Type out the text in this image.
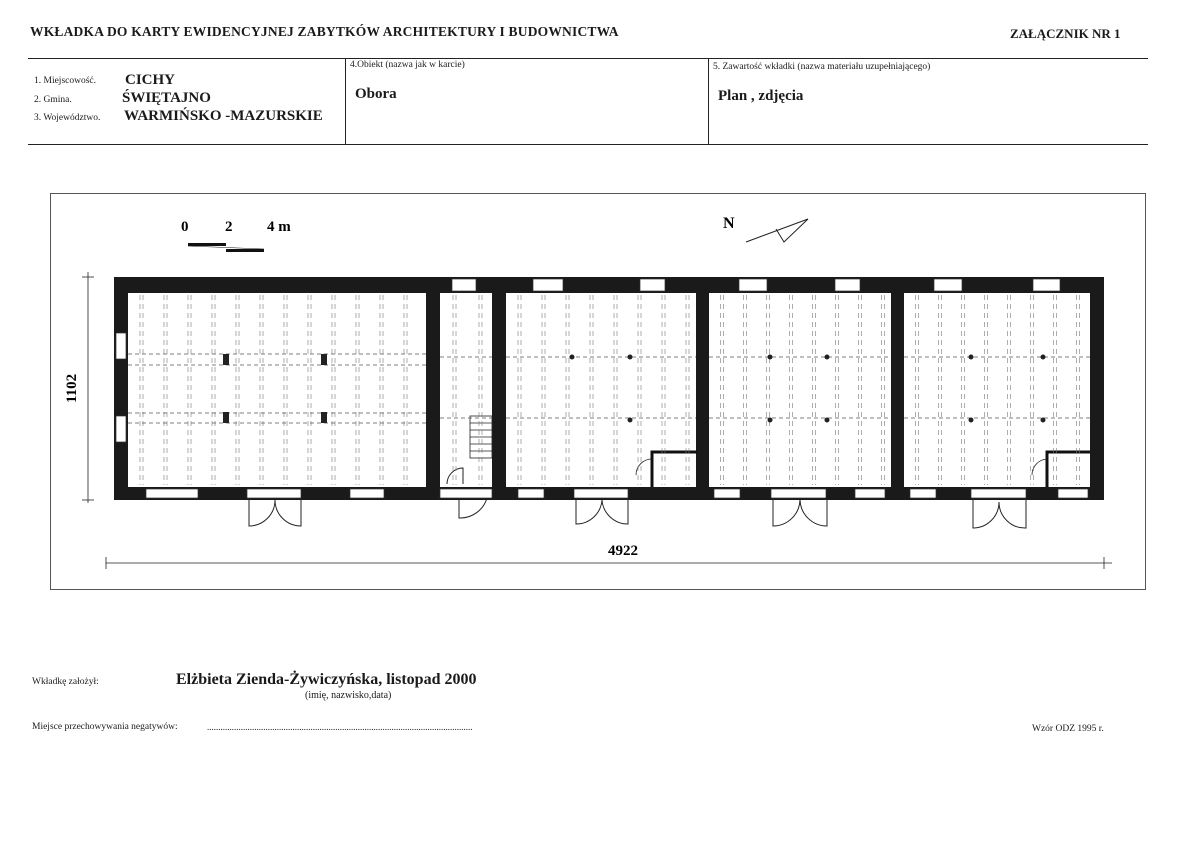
WKŁADKA DO KARTY EWIDENCYJNEJ ZABYTKÓW ARCHITEKTURY I BUDOWNICTWA	ZAŁĄCZNIK NR 1
1. Miejscowość. CICHY
2. Gmina.	ŚWIĘTAJNO
3. Województwo. WARMIŃSKO -MAZURSKIE
4.Obiekt (nazwa jak w karcie)
Obora
5. Zawartość wkładki (nazwa materiału uzupełniającego)
Plan , zdjęcia
0 2 4 m	N
4922
1102
Wkładkę założył:	Elżbieta Zienda-Żywiczyńska, listopad 2000
(imię, nazwisko,data)
Miejsce przechowywania negatywów:	......................................................................................................................	Wzór ODZ 1995 r.
